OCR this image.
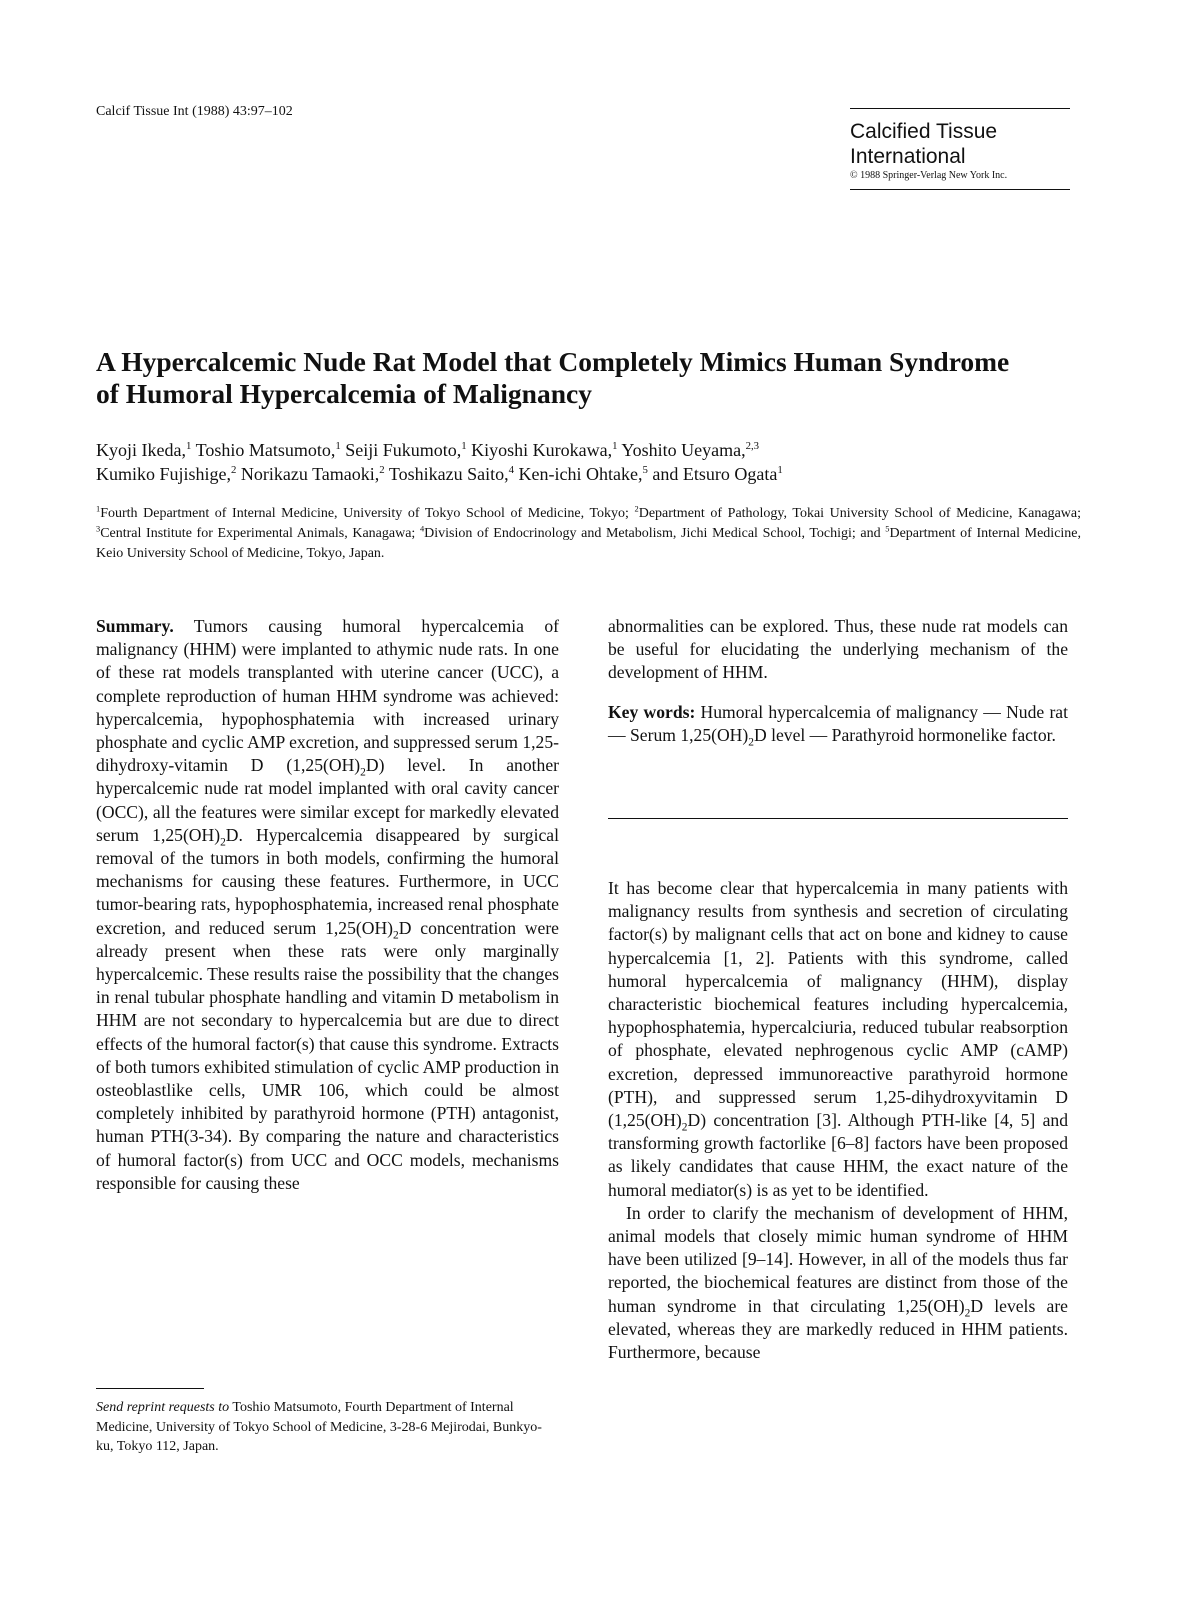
Calcif Tissue Int (1988) 43:97–102
Calcified Tissue
International
© 1988 Springer-Verlag New York Inc.
A Hypercalcemic Nude Rat Model that Completely Mimics Human Syndrome
of Humoral Hypercalcemia of Malignancy
Kyoji Ikeda,$^1$ Toshio Matsumoto,$^1$ Seiji Fukumoto,$^1$ Kiyoshi Kurokawa,$^1$ Yoshito Ueyama,$^{2,3}$
Kumiko Fujishige,$^2$ Norikazu Tamaoki,$^2$ Toshikazu Saito,$^4$ Ken-ichi Ohtake,$^5$ and Etsuro Ogata$^1$
$^1$Fourth Department of Internal Medicine, University of Tokyo School of Medicine, Tokyo; $^2$Department of Pathology, Tokai University School of Medicine, Kanagawa; $^3$Central Institute for Experimental Animals, Kanagawa; $^4$Division of Endocrinology and Metabolism, Jichi Medical School, Tochigi; and $^5$Department of Internal Medicine, Keio University School of Medicine, Tokyo, Japan.
Summary. Tumors causing humoral hypercalcemia of malignancy (HHM) were implanted to athymic nude rats. In one of these rat models transplanted with uterine cancer (UCC), a complete reproduction of human HHM syndrome was achieved: hypercalcemia, hypophosphatemia with increased urinary phosphate and cyclic AMP excretion, and suppressed serum 1,25-dihydroxy-vitamin D $(1,25(OH)_2D)$ level. In another hypercalcemic nude rat model implanted with oral cavity cancer (OCC), all the features were similar except for markedly elevated serum $1,25(OH)_2D$. Hypercalcemia disappeared by surgical removal of the tumors in both models, confirming the humoral mechanisms for causing these features. Furthermore, in UCC tumor-bearing rats, hypophosphatemia, increased renal phosphate excretion, and reduced serum $1,25(OH)_2D$ concentration were already present when these rats were only marginally hypercalcemic. These results raise the possibility that the changes in renal tubular phosphate handling and vitamin D metabolism in HHM are not secondary to hypercalcemia but are due to direct effects of the humoral factor(s) that cause this syndrome. Extracts of both tumors exhibited stimulation of cyclic AMP production in osteoblastlike cells, UMR 106, which could be almost completely inhibited by parathyroid hormone (PTH) antagonist, human PTH(3-34). By comparing the nature and characteristics of humoral factor(s) from UCC and OCC models, mechanisms responsible for causing these
Send reprint requests to Toshio Matsumoto, Fourth Department of Internal Medicine, University of Tokyo School of Medicine, 3-28-6 Mejirodai, Bunkyo-ku, Tokyo 112, Japan.

abnormalities can be explored. Thus, these nude rat models can be useful for elucidating the underlying mechanism of the development of HHM.

Key words: Humoral hypercalcemia of malignancy — Nude rat — Serum $1,25(OH)_2D$ level — Parathyroid hormonelike factor.

It has become clear that hypercalcemia in many patients with malignancy results from synthesis and secretion of circulating factor(s) by malignant cells that act on bone and kidney to cause hypercalcemia [1, 2]. Patients with this syndrome, called humoral hypercalcemia of malignancy (HHM), display characteristic biochemical features including hypercalcemia, hypophosphatemia, hypercalciuria, reduced tubular reabsorption of phosphate, elevated nephrogenous cyclic AMP (cAMP) excretion, depressed immunoreactive parathyroid hormone (PTH), and suppressed serum 1,25-dihydroxyvitamin D $(1,25(OH)_2D)$ concentration [3]. Although PTH-like [4, 5] and transforming growth factorlike [6–8] factors have been proposed as likely candidates that cause HHM, the exact nature of the humoral mediator(s) is as yet to be identified.

In order to clarify the mechanism of development of HHM, animal models that closely mimic human syndrome of HHM have been utilized [9–14]. However, in all of the models thus far reported, the biochemical features are distinct from those of the human syndrome in that circulating $1,25(OH)_2D$ levels are elevated, whereas they are markedly reduced in HHM patients. Furthermore, because
